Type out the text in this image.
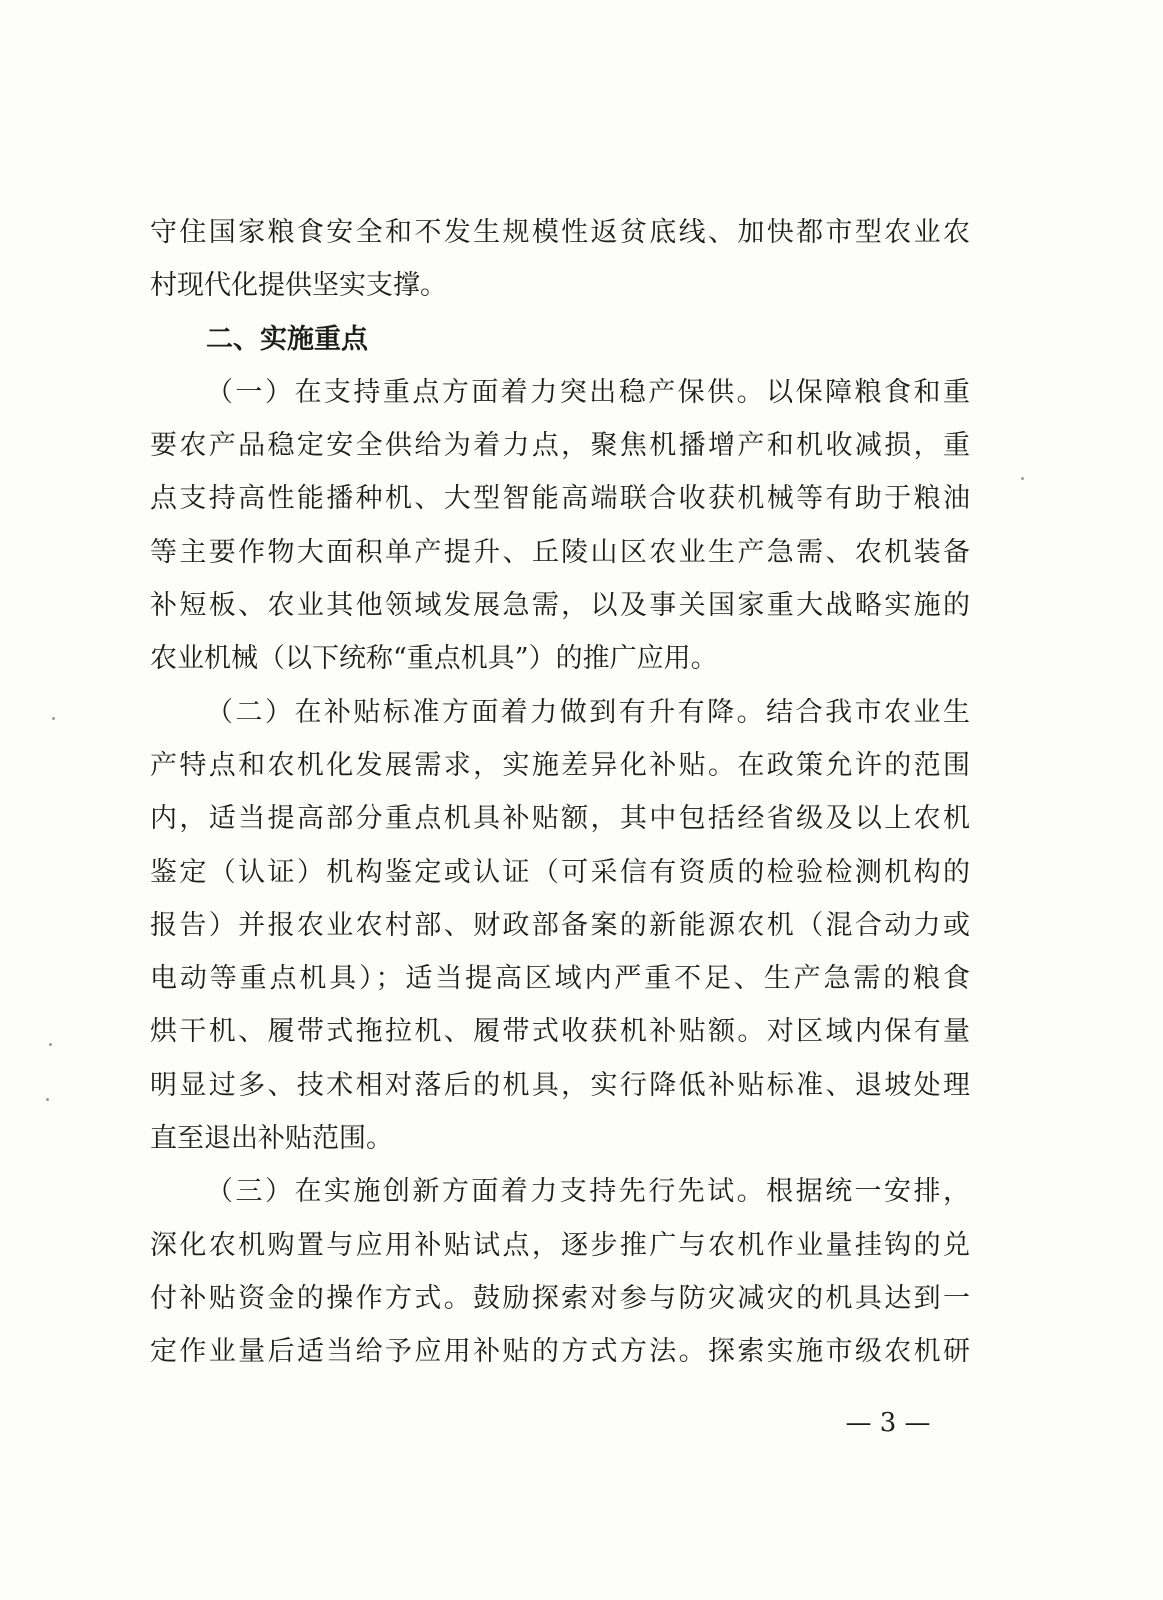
守住国家粮食安全和不发生规模性返贫底线、加快都市型农业农
村现代化提供坚实支撑。
二、实施重点
（一）在支持重点方面着力突出稳产保供。以保障粮食和重
要农产品稳定安全供给为着力点，聚焦机播增产和机收减损，重
点支持高性能播种机、大型智能高端联合收获机械等有助于粮油
等主要作物大面积单产提升、丘陵山区农业生产急需、农机装备
补短板、农业其他领域发展急需，以及事关国家重大战略实施的
农业机械（以下统称“重点机具”）的推广应用。
（二）在补贴标准方面着力做到有升有降。结合我市农业生
产特点和农机化发展需求，实施差异化补贴。在政策允许的范围
内，适当提高部分重点机具补贴额，其中包括经省级及以上农机
鉴定（认证）机构鉴定或认证（可采信有资质的检验检测机构的
报告）并报农业农村部、财政部备案的新能源农机（混合动力或
电动等重点机具）；适当提高区域内严重不足、生产急需的粮食
烘干机、履带式拖拉机、履带式收获机补贴额。对区域内保有量
明显过多、技术相对落后的机具，实行降低补贴标准、退坡处理
直至退出补贴范围。
（三）在实施创新方面着力支持先行先试。根据统一安排，
深化农机购置与应用补贴试点，逐步推广与农机作业量挂钩的兑
付补贴资金的操作方式。鼓励探索对参与防灾减灾的机具达到一
定作业量后适当给予应用补贴的方式方法。探索实施市级农机研
— 3 —
